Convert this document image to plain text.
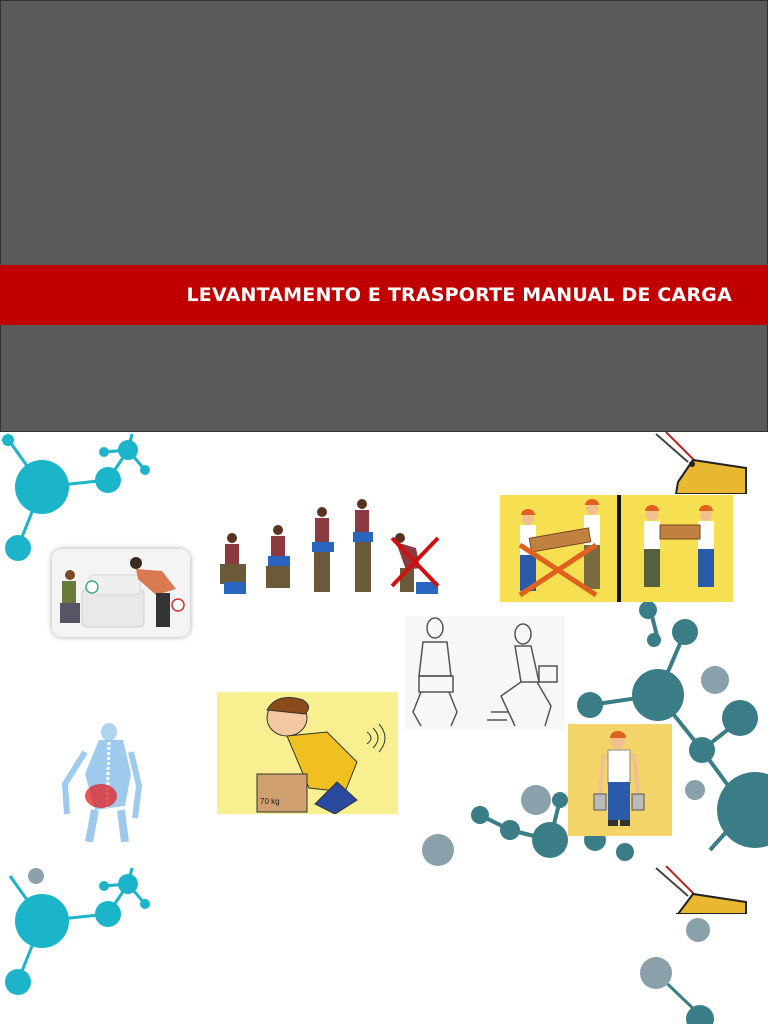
LEVANTAMENTO E TRASPORTE MANUAL DE CARGA
70 kg
